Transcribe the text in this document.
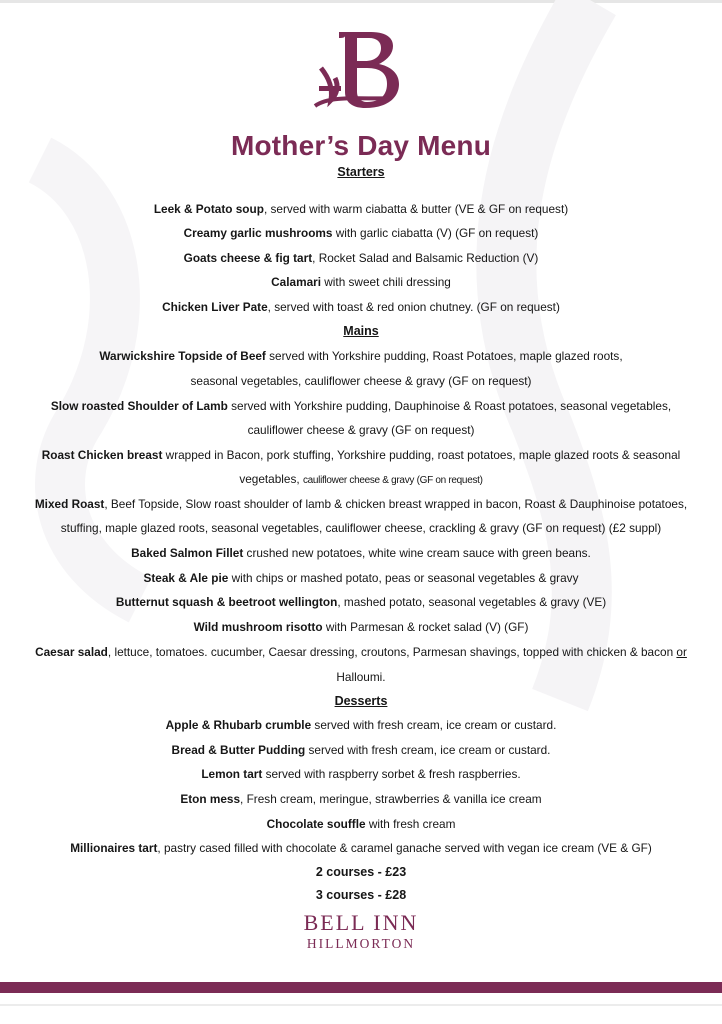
Mother’s Day Menu
Starters
Leek & Potato soup, served with warm ciabatta & butter (VE & GF on request)
Creamy garlic mushrooms with garlic ciabatta (V) (GF on request)
Goats cheese & fig tart, Rocket Salad and Balsamic Reduction (V)
Calamari with sweet chili dressing
Chicken Liver Pate, served with toast & red onion chutney. (GF on request)
Mains
Warwickshire Topside of Beef served with Yorkshire pudding, Roast Potatoes, maple glazed roots,
seasonal vegetables, cauliflower cheese & gravy (GF on request)
Slow roasted Shoulder of Lamb served with Yorkshire pudding, Dauphinoise & Roast potatoes, seasonal vegetables,
cauliflower cheese & gravy (GF on request)
Roast Chicken breast wrapped in Bacon, pork stuffing, Yorkshire pudding, roast potatoes, maple glazed roots & seasonal
vegetables, cauliflower cheese & gravy (GF on request)
Mixed Roast, Beef Topside, Slow roast shoulder of lamb & chicken breast wrapped in bacon, Roast & Dauphinoise potatoes,
stuffing, maple glazed roots, seasonal vegetables, cauliflower cheese, crackling & gravy (GF on request) (£2 suppl)
Baked Salmon Fillet crushed new potatoes, white wine cream sauce with green beans.
Steak & Ale pie with chips or mashed potato, peas or seasonal vegetables & gravy
Butternut squash & beetroot wellington, mashed potato, seasonal vegetables & gravy (VE)
Wild mushroom risotto with Parmesan & rocket salad (V) (GF)
Caesar salad, lettuce, tomatoes. cucumber, Caesar dressing, croutons, Parmesan shavings, topped with chicken & bacon or
Halloumi.
Desserts
Apple & Rhubarb crumble served with fresh cream, ice cream or custard.
Bread & Butter Pudding served with fresh cream, ice cream or custard.
Lemon tart served with raspberry sorbet & fresh raspberries.
Eton mess, Fresh cream, meringue, strawberries & vanilla ice cream
Chocolate souffle with fresh cream
Millionaires tart, pastry cased filled with chocolate & caramel ganache served with vegan ice cream (VE & GF)
2 courses - £23
3 courses - £28
BELL INN
HILLMORTON
